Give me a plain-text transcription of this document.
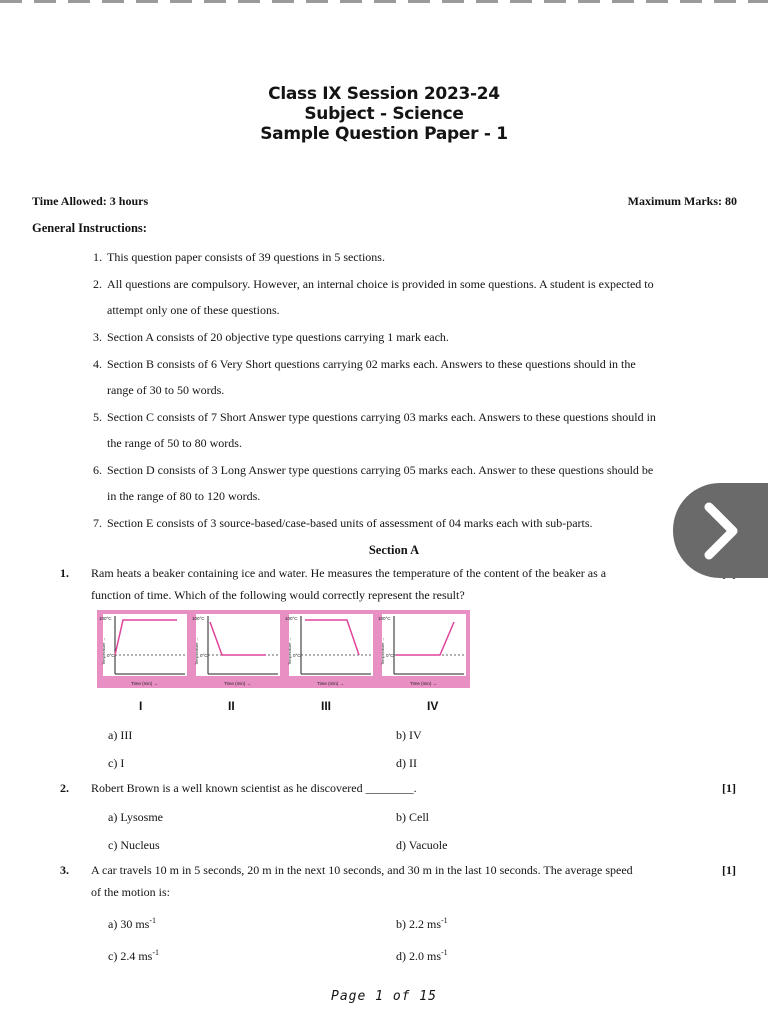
Class IX Session 2023-24
Subject - Science
Sample Question Paper - 1
Time Allowed: 3 hours	Maximum Marks: 80
General Instructions:
1. This question paper consists of 39 questions in 5 sections.
2. All questions are compulsory. However, an internal choice is provided in some questions. A student is expected to
attempt only one of these questions.
3. Section A consists of 20 objective type questions carrying 1 mark each.
4. Section B consists of 6 Very Short questions carrying 02 marks each. Answers to these questions should in the
range of 30 to 50 words.
5. Section C consists of 7 Short Answer type questions carrying 03 marks each. Answers to these questions should in
the range of 50 to 80 words.
6. Section D consists of 3 Long Answer type questions carrying 05 marks each. Answer to these questions should be
in the range of 80 to 120 words.
7. Section E consists of 3 source-based/case-based units of assessment of 04 marks each with sub-parts.
Section A
1. Ram heats a beaker containing ice and water. He measures the temperature of the content of the beaker as a
function of time. Which of the following would correctly represent the result?
100°C
0°C
Temperature →
Time (min) →
100°C
0°C
Temperature →
Time (min) →
100°C
0°C
Temperature →
Time (min) →
100°C
0°C
Temperature →
Time (min) →
I	II	III	IV
a) III	b) IV
c) I	d) II
2. Robert Brown is a well known scientist as he discovered ________.	[1]
a) Lysosme	b) Cell
c) Nucleus	d) Vacuole
3. A car travels 10 m in 5 seconds, 20 m in the next 10 seconds, and 30 m in the last 10 seconds. The average speed
of the motion is:
[1]
a) 30 $ms^{-1}$	b) 2.2 $ms^{-1}$
c) 2.4 $ms^{-1}$	d) 2.0 $ms^{-1}$
Page 1 of 15
